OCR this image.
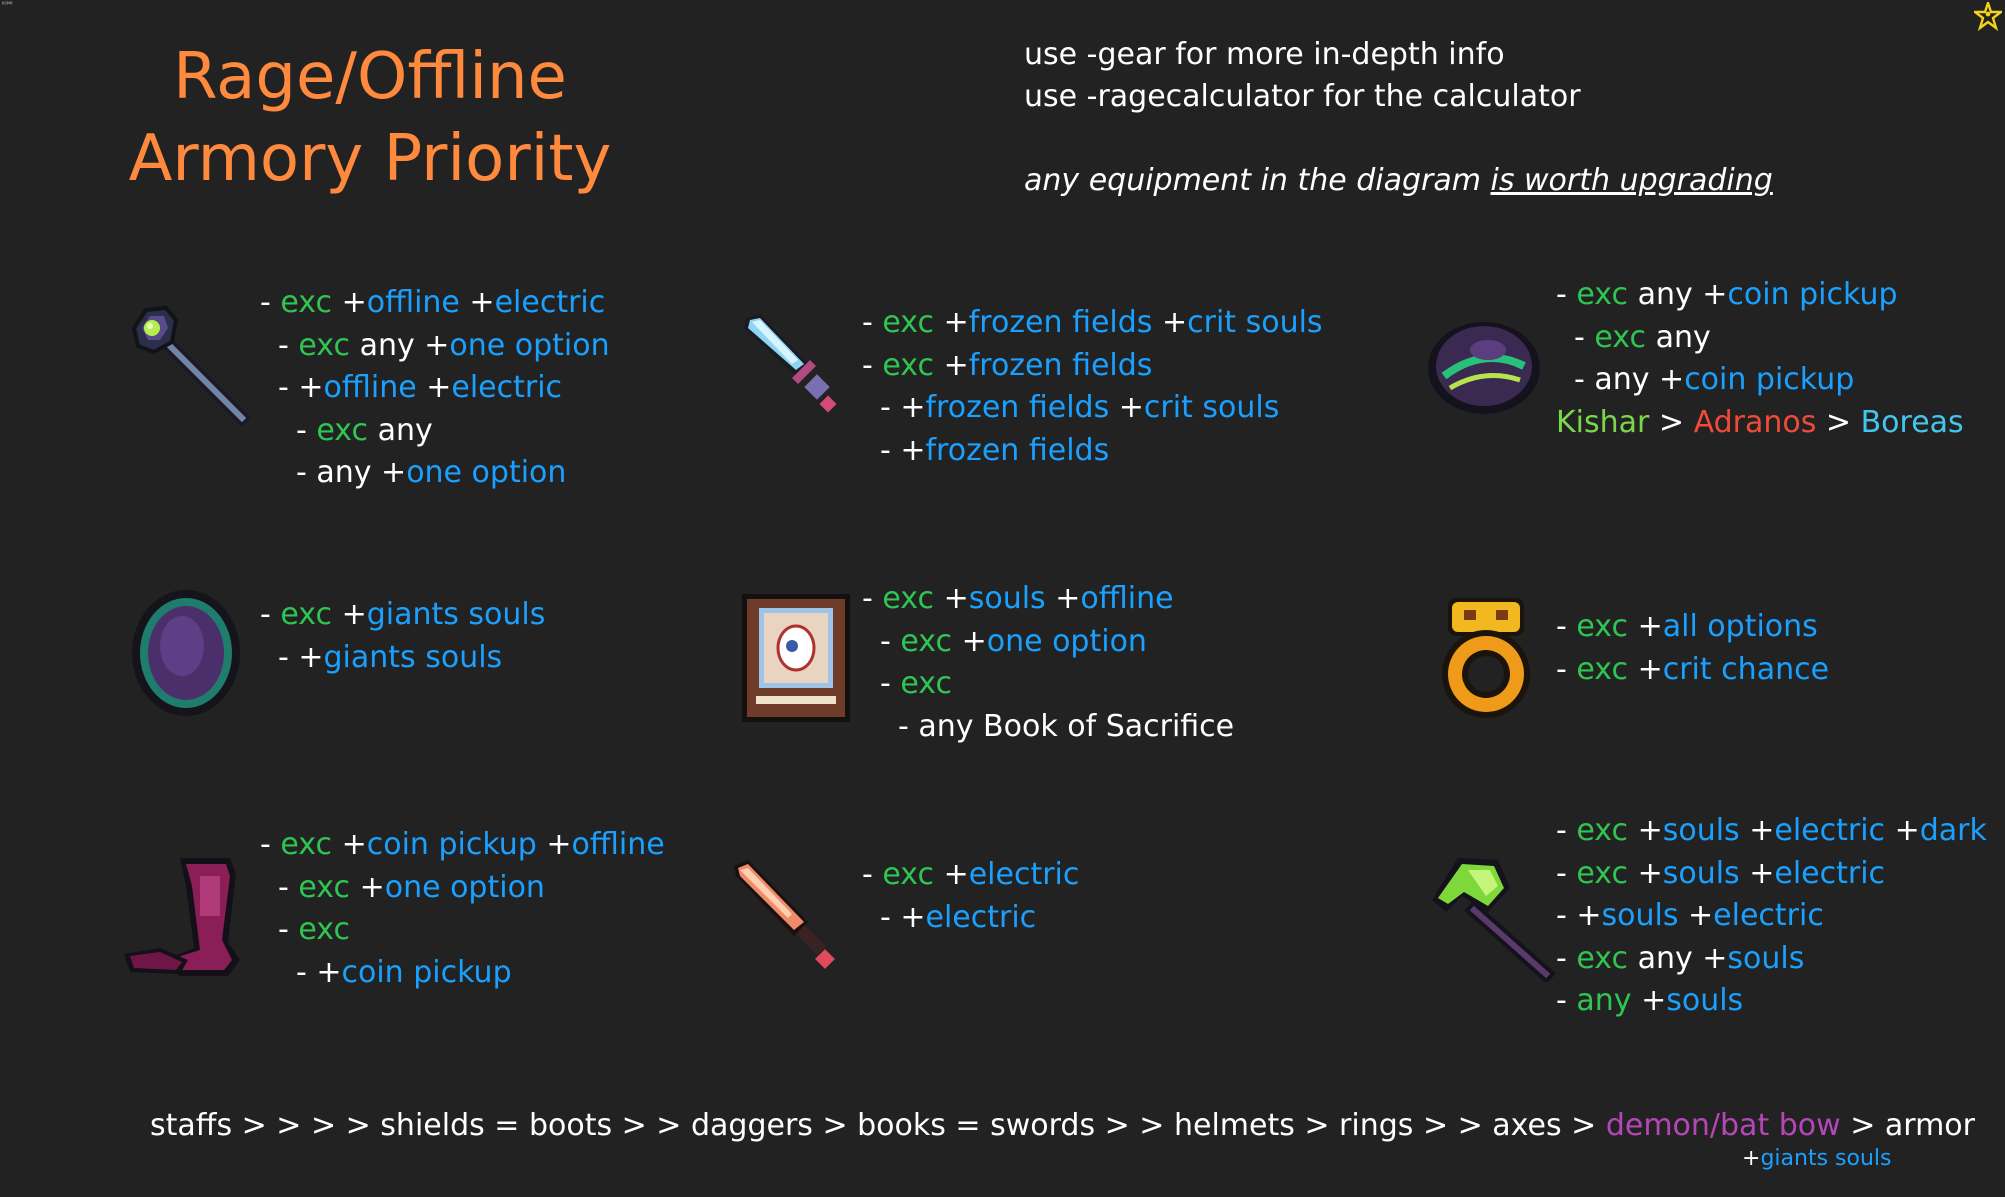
ᴷᴵᴹᴵ
Rage/Offline
Armory Priority
use -gear for more in-depth info
use -ragecalculator for the calculator
any equipment in the diagram is worth upgrading
- exc +offline +electric
- exc any +one option
- +offline +electric
- exc any
- any +one option
- exc +frozen fields +crit souls
- exc +frozen fields
- +frozen fields +crit souls
- +frozen fields
- exc any +coin pickup
- exc any
- any +coin pickup
Kishar > Adranos > Boreas
- exc +giants souls
- +giants souls
- exc +souls +offline
- exc +one option
- exc
- any Book of Sacrifice
- exc +all options
- exc +crit chance
- exc +coin pickup +offline
- exc +one option
- exc
- +coin pickup
- exc +electric
- +electric
- exc +souls +electric +dark
- exc +souls +electric
- +souls +electric
- exc any +souls
- any +souls
staffs > > > > shields = boots > > daggers > books = swords > > helmets > rings > > axes > demon/bat bow > armor
+giants souls
